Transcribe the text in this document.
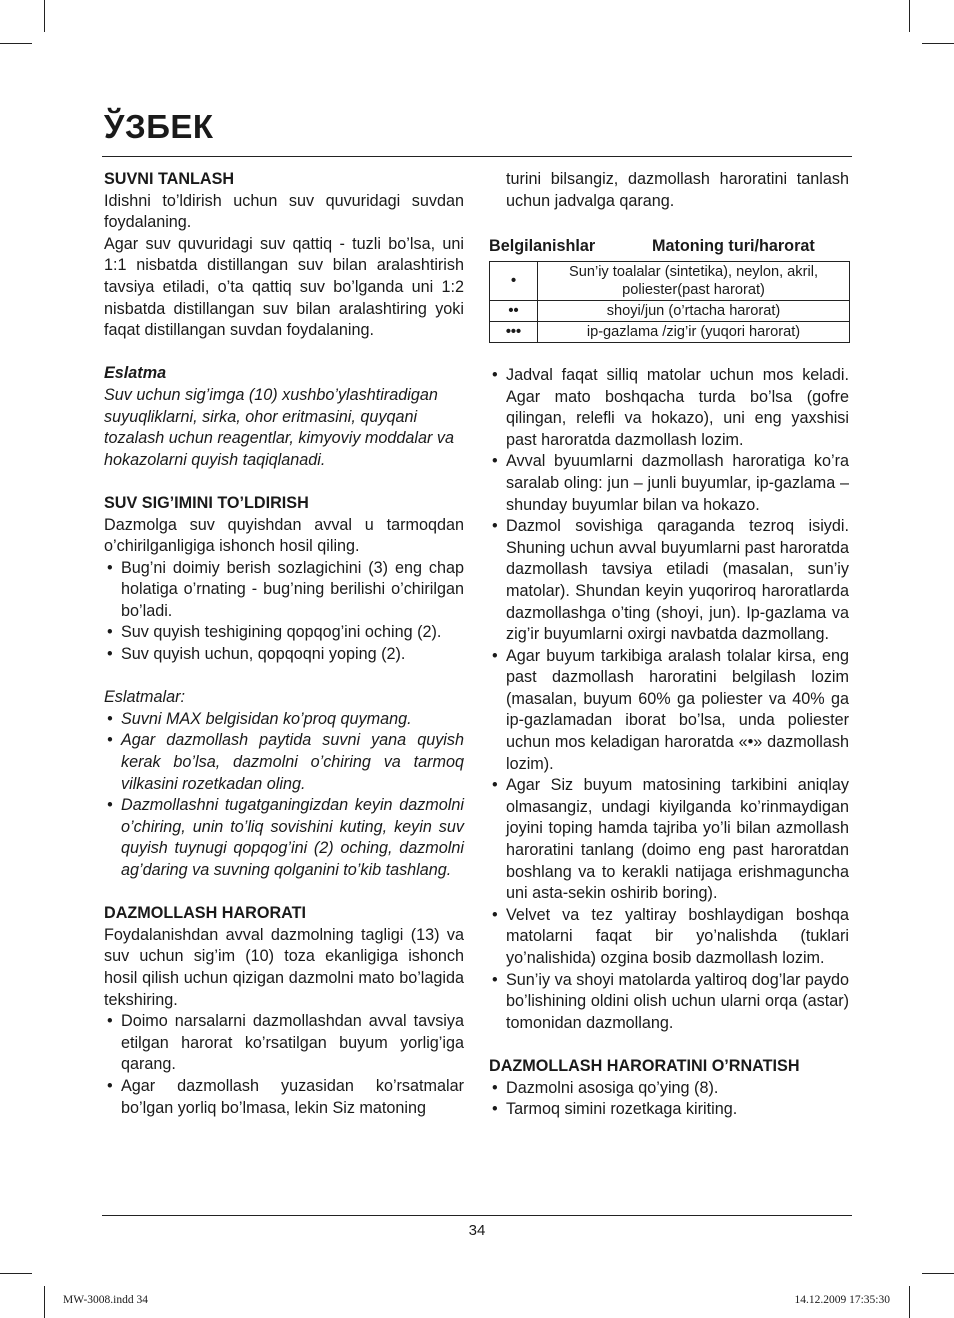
ЎЗБЕК

SUVNI TANLASH

Idishni to’ldirish uchun suv quvuridagi suvdan foydalaning.

Agar suv quvuridagi suv qattiq - tuzli bo’lsa, uni 1:1 nisbatda distillangan suv bilan aralashtirish tavsiya etiladi, o’ta qattiq suv bo’lganda uni 1:2 nisbatda distillangan suv bilan aralashtiring yoki faqat distillangan suvdan foydalaning.

Eslatma

Suv uchun sig’imga (10) xushbo’ylashtiradigan suyuqliklarni, sirka, ohor eritmasini, quyqani tozalash uchun reagentlar, kimyoviy moddalar va hokazolarni quyish taqiqlanadi.

SUV SIG’IMINI TO’LDIRISH

Dazmolga suv quyishdan avval u tarmoqdan o’chirilganligiga ishonch hosil qiling.

• Bug’ni doimiy berish sozlagichini (3) eng chap holatiga o’rnating - bug’ning berilishi o’chirilgan bo’ladi.
• Suv quyish teshigining qopqog’ini oching (2).
• Suv quyish uchun, qopqoqni yoping (2).

Eslatmalar:

• Suvni MAX belgisidan ko’proq quymang.
• Agar dazmollash paytida suvni yana quyish kerak bo’lsa, dazmolni o’chiring va tarmoq vilkasini rozetkadan oling.
• Dazmollashni tugatganingizdan keyin dazmolni o’chiring, unin to’liq sovishini kuting, keyin suv quyish tuynugi qopqog’ini (2) oching, dazmolni ag’daring va suvning qolganini to’kib tashlang.

DAZMOLLASH HARORATI

Foydalanishdan avval dazmolning tagligi (13) va suv uchun sig’im (10) toza ekanligiga ishonch hosil qilish uchun qizigan dazmolni mato bo’lagida tekshiring.

• Doimo narsalarni dazmollashdan avval tavsiya etilgan harorat ko’rsatilgan buyum yorlig’iga qarang.
• Agar dazmollash yuzasidan ko’rsatmalar bo’lgan yorliq bo’lmasa, lekin Siz matoning

turini bilsangiz, dazmollash haroratini tanlash uchun jadvalga qarang.

Belgilanishlar	Matoning turi/harorat
•	Sun’iy toalalar (sintetika), neylon, akril, poliester(past harorat)
••	shoyi/jun (o’rtacha harorat)
•••	ip-gazlama /zig’ir (yuqori harorat)
• Jadval faqat silliq matolar uchun mos keladi. Agar mato boshqacha turda bo’lsa (gofre qilingan, relefli va hokazo), uni eng yaxshisi past haroratda dazmollash lozim.
• Avval byuumlarni dazmollash haroratiga ko’ra saralab oling: jun – junli buyumlar, ip-gazlama – shunday buyumlar bilan va hokazo.
• Dazmol sovishiga qaraganda tezroq isiydi. Shuning uchun avval buyumlarni past haroratda dazmollash tavsiya etiladi (masalan, sun’iy matolar). Shundan keyin yuqoriroq haroratlarda dazmollashga o’ting (shoyi, jun). Ip-gazlama va zig’ir buyumlarni oxirgi navbatda dazmollang.
• Agar buyum tarkibiga aralash tolalar kirsa, eng past dazmollash haroratini belgilash lozim (masalan, buyum 60% ga poliester va 40% ga ip-gazlamadan iborat bo’lsa, unda poliester uchun mos keladigan haroratda «•» dazmollash lozim).
• Agar Siz buyum matosining tarkibini aniqlay olmasangiz, undagi kiyilganda ko’rinmaydigan joyini toping hamda tajriba yo’li bilan azmollash haroratini tanlang (doimo eng past haroratdan boshlang va to kerakli natijaga erishmaguncha uni asta-sekin oshirib boring).
• Velvet va tez yaltiray boshlaydigan boshqa matolarni faqat bir yo’nalishda (tuklari yo’nalishida) ozgina bosib dazmollash lozim.
• Sun’iy va shoyi matolarda yaltiroq dog’lar paydo bo’lishining oldini olish uchun ularni orqa (astar) tomonidan dazmollang.

DAZMOLLASH HARORATINI O’RNATISH

• Dazmolni asosiga qo’ying (8).
• Tarmoq simini rozetkaga kiriting.
34
MW-3008.indd 34	14.12.2009 17:35:30
